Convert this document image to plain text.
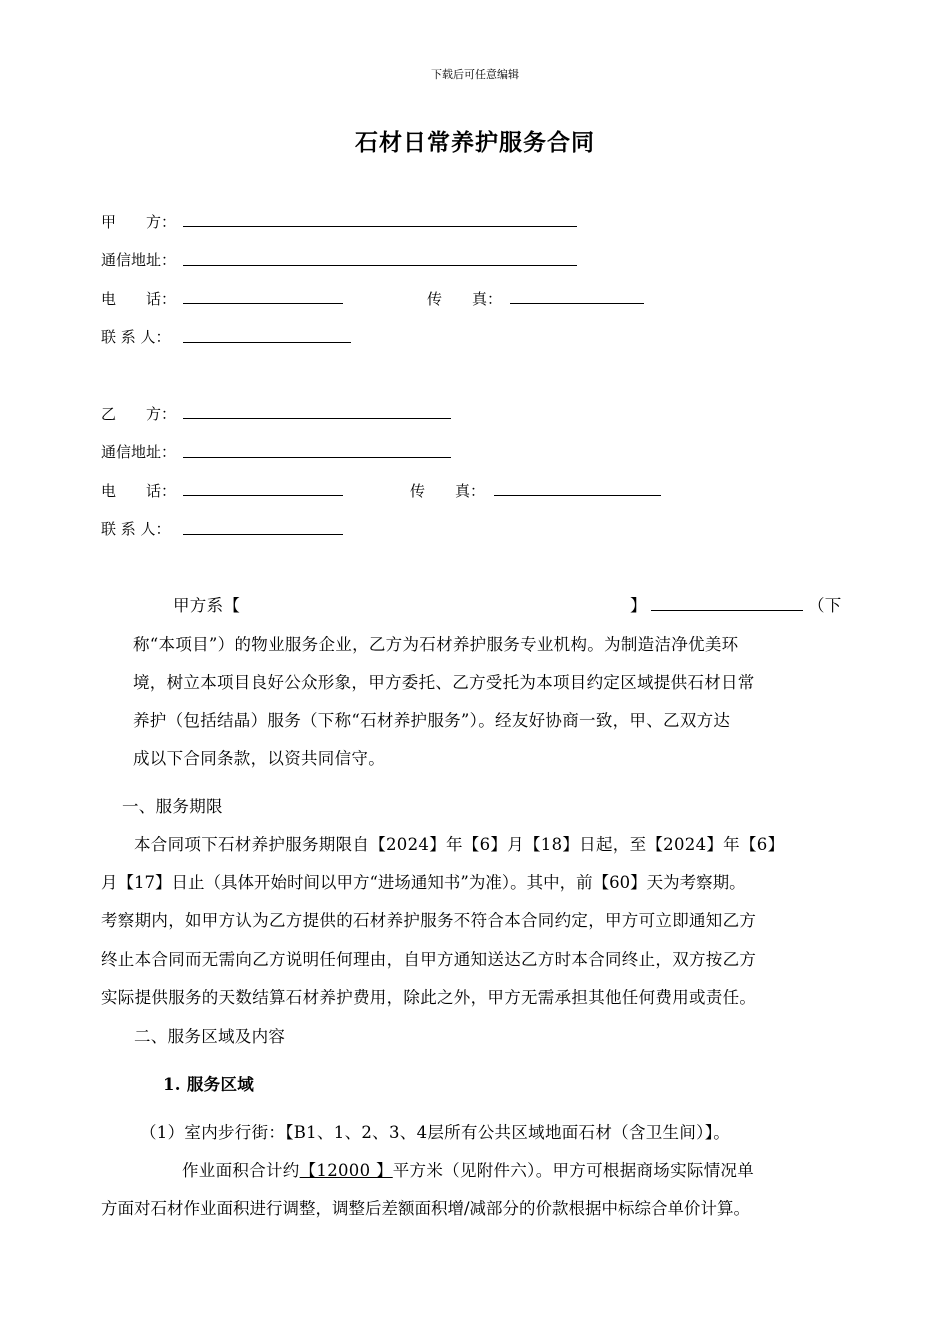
下载后可任意编辑
石材日常养护服务合同
甲　　方：
通信地址：
电　　话：	传　　真：
联 系 人：
乙　　方：
通信地址：
电　　话：	传　　真：
联 系 人：
甲方系【	】	（下
称“本项目”）的物业服务企业，乙方为石材养护服务专业机构。为制造洁净优美环
境，树立本项目良好公众形象，甲方委托、乙方受托为本项目约定区域提供石材日常
养护（包括结晶）服务（下称“石材养护服务”）。经友好协商一致，甲、乙双方达
成以下合同条款，以资共同信守。
一、服务期限
本合同项下石材养护服务期限自【2024】年【6】月【18】日起，至【2024】年【6】
月【17】日止（具体开始时间以甲方“进场通知书”为准）。其中，前【60】天为考察期。
考察期内，如甲方认为乙方提供的石材养护服务不符合本合同约定，甲方可立即通知乙方
终止本合同而无需向乙方说明任何理由，自甲方通知送达乙方时本合同终止，双方按乙方
实际提供服务的天数结算石材养护费用，除此之外，甲方无需承担其他任何费用或责任。
二、服务区域及内容
1. 服务区域
（1）室内步行街：【B1、1、2、3、4层所有公共区域地面石材（含卫生间）】。
作业面积合计约【12000 】平方米（见附件六）。甲方可根据商场实际情况单
方面对石材作业面积进行调整，调整后差额面积增/减部分的价款根据中标综合单价计算。
